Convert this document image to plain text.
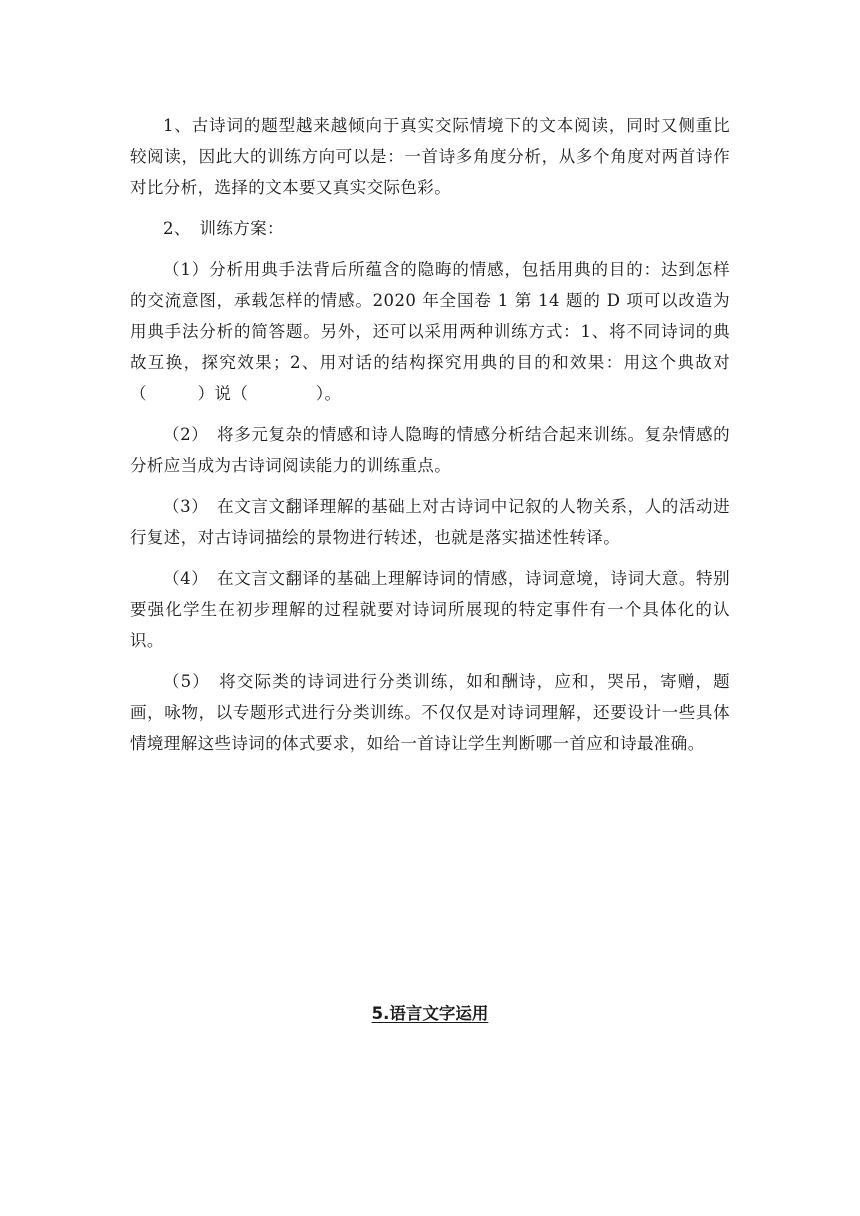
1、古诗词的题型越来越倾向于真实交际情境下的文本阅读，同时又侧重比较阅读，因此大的训练方向可以是：一首诗多角度分析，从多个角度对两首诗作对比分析，选择的文本要又真实交际色彩。

2、　训练方案：

（1）分析用典手法背后所蕴含的隐晦的情感，包括用典的目的：达到怎样的交流意图，承载怎样的情感。2020 年全国卷 1 第 14 题的 D 项可以改造为用典手法分析的简答题。另外，还可以采用两种训练方式：1、将不同诗词的典故互换，探究效果；2、用对话的结构探究用典的目的和效果：用这个典故对（　　　）说（　　　　）。

（2）　将多元复杂的情感和诗人隐晦的情感分析结合起来训练。复杂情感的分析应当成为古诗词阅读能力的训练重点。

（3）　在文言文翻译理解的基础上对古诗词中记叙的人物关系，人的活动进行复述，对古诗词描绘的景物进行转述，也就是落实描述性转译。

（4）　在文言文翻译的基础上理解诗词的情感，诗词意境，诗词大意。特别要强化学生在初步理解的过程就要对诗词所展现的特定事件有一个具体化的认识。

（5）　将交际类的诗词进行分类训练，如和酬诗，应和，哭吊，寄赠，题画，咏物，以专题形式进行分类训练。不仅仅是对诗词理解，还要设计一些具体情境理解这些诗词的体式要求，如给一首诗让学生判断哪一首应和诗最准确。

5.语言文字运用
